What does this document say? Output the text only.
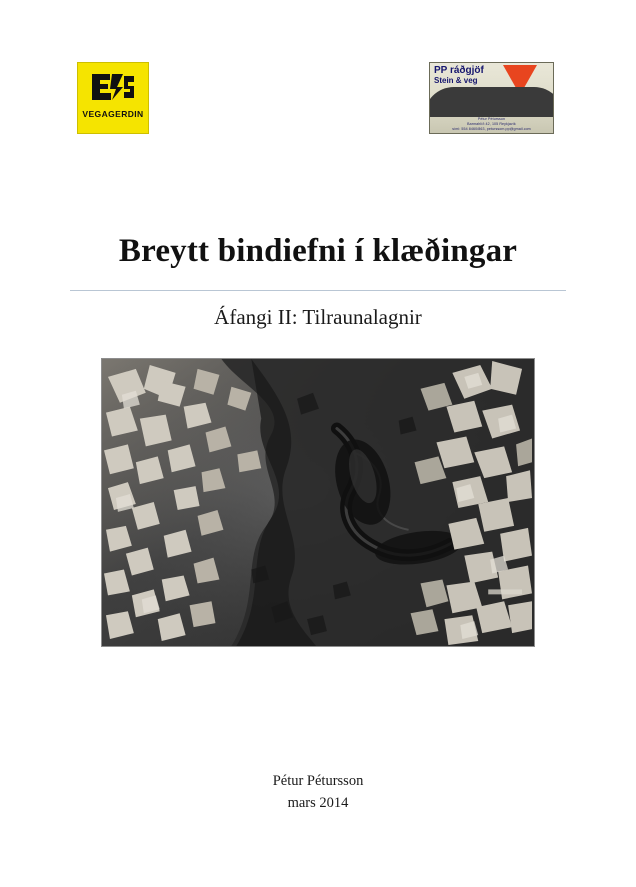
VEGAGERDIN
PP ráðgjöf
Stein & veg
Pétur Pétursson
Barmahlíð 42, 105 Reykjavík
sími: 554 8460/863, peturssom.pp@gmail.com
Breytt bindiefni í klæðingar

Áfangi II: Tilraunalagnir

Pétur Pétursson
mars 2014
